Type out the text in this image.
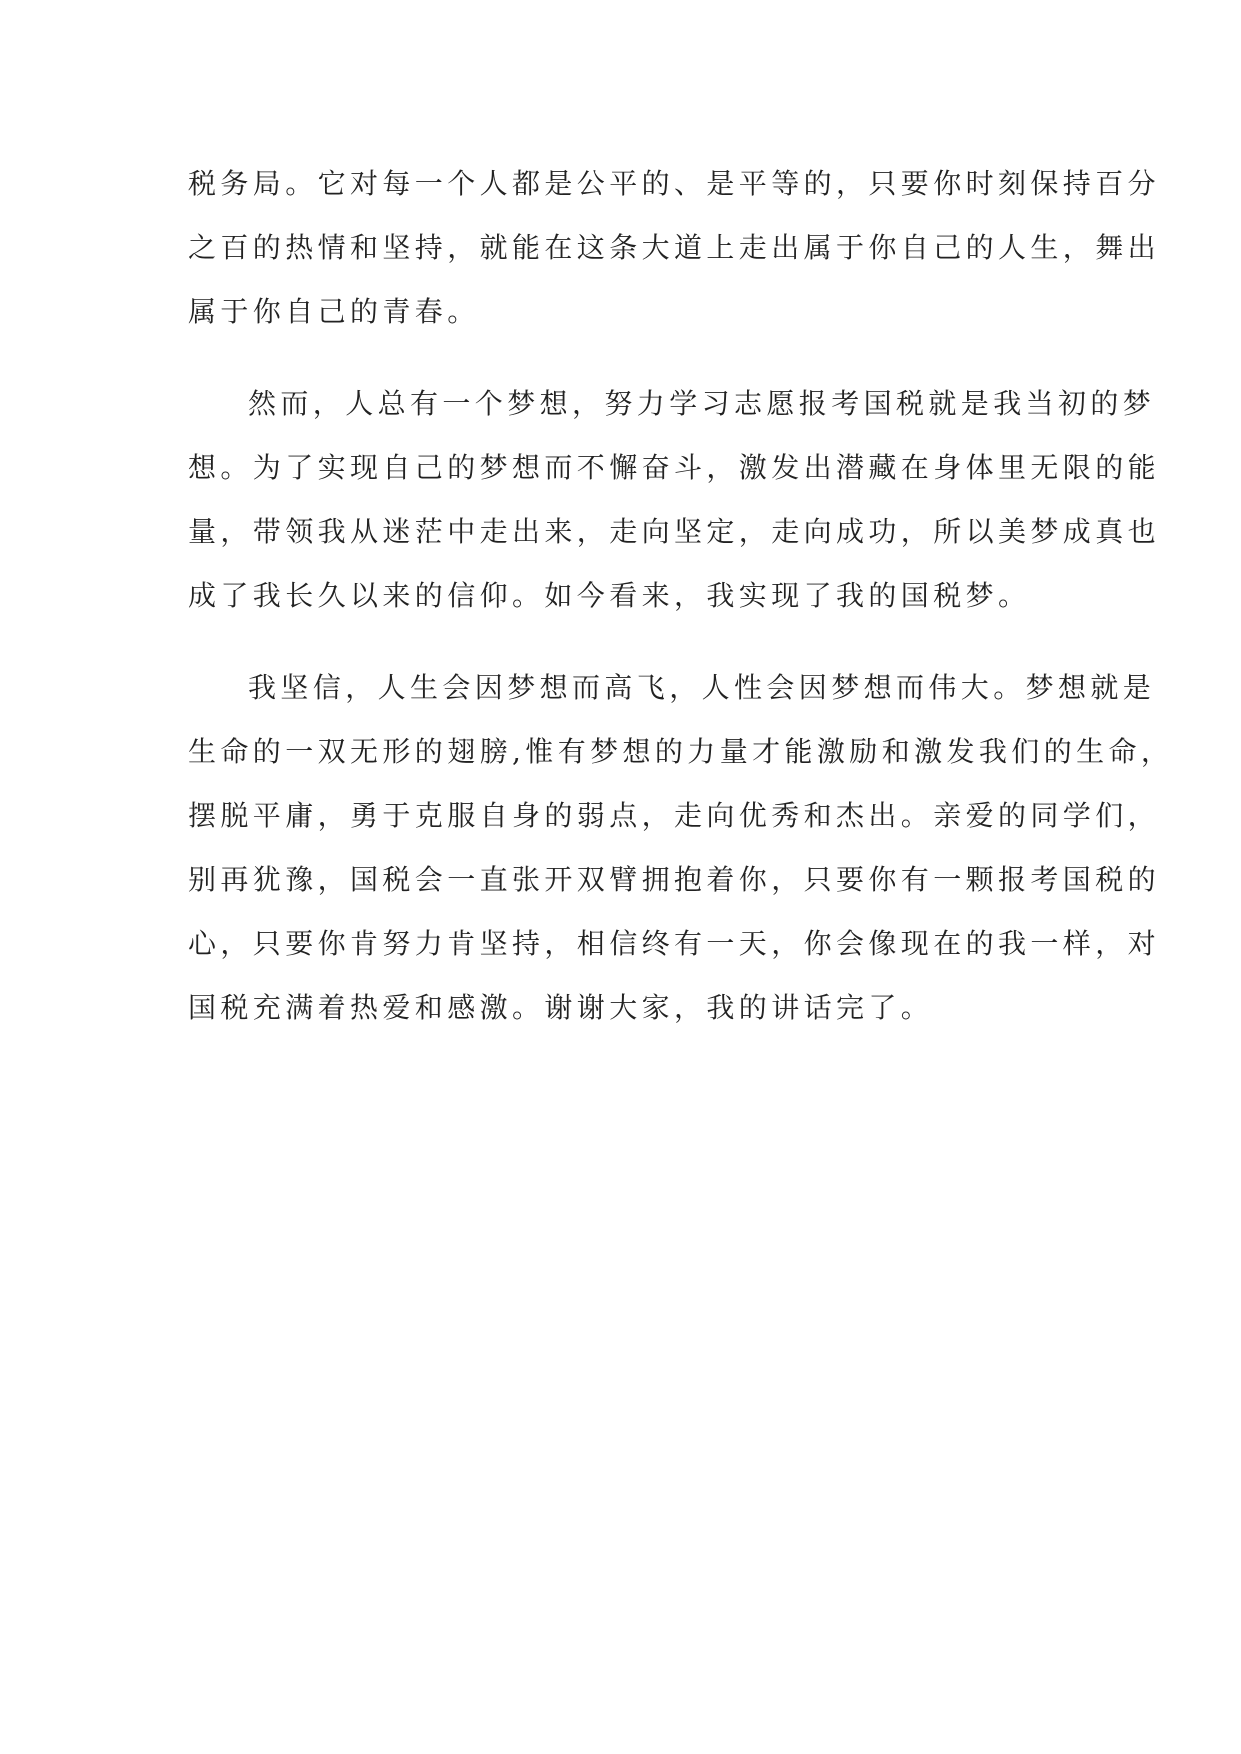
税务局。它对每一个人都是公平的、是平等的，只要你时刻保持百分
之百的热情和坚持，就能在这条大道上走出属于你自己的人生，舞出
属于你自己的青春。

然而，人总有一个梦想，努力学习志愿报考国税就是我当初的梦
想。为了实现自己的梦想而不懈奋斗，激发出潜藏在身体里无限的能
量，带领我从迷茫中走出来，走向坚定，走向成功，所以美梦成真也
成了我长久以来的信仰。如今看来，我实现了我的国税梦。

我坚信，人生会因梦想而高飞，人性会因梦想而伟大。梦想就是
生命的一双无形的翅膀,惟有梦想的力量才能激励和激发我们的生命，
摆脱平庸，勇于克服自身的弱点，走向优秀和杰出。亲爱的同学们，
别再犹豫，国税会一直张开双臂拥抱着你，只要你有一颗报考国税的
心，只要你肯努力肯坚持，相信终有一天，你会像现在的我一样，对
国税充满着热爱和感激。谢谢大家，我的讲话完了。
